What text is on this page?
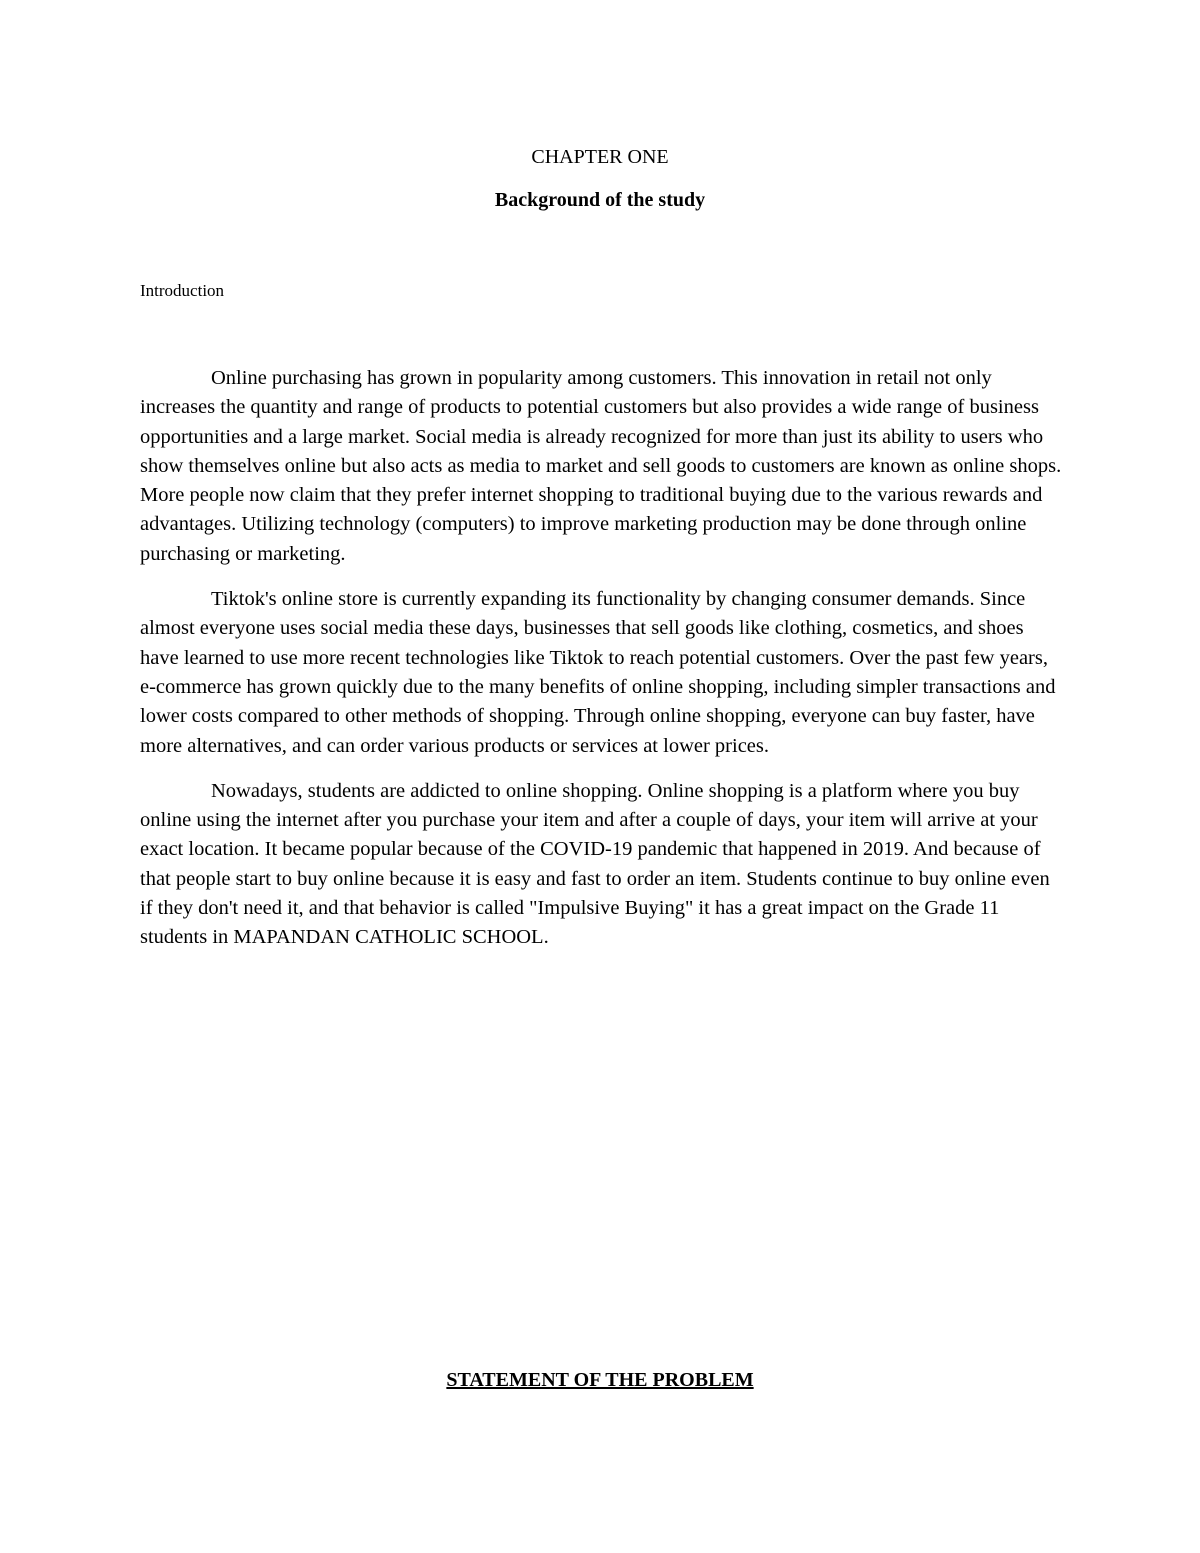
CHAPTER ONE
Background of the study
Introduction

Online purchasing has grown in popularity among customers. This innovation in retail not only increases the quantity and range of products to potential customers but also provides a wide range of business opportunities and a large market. Social media is already recognized for more than just its ability to users who show themselves online but also acts as media to market and sell goods to customers are known as online shops. More people now claim that they prefer internet shopping to traditional buying due to the various rewards and advantages. Utilizing technology (computers) to improve marketing production may be done through online purchasing or marketing.

Tiktok's online store is currently expanding its functionality by changing consumer demands. Since almost everyone uses social media these days, businesses that sell goods like clothing, cosmetics, and shoes have learned to use more recent technologies like Tiktok to reach potential customers. Over the past few years, e-commerce has grown quickly due to the many benefits of online shopping, including simpler transactions and lower costs compared to other methods of shopping. Through online shopping, everyone can buy faster, have more alternatives, and can order various products or services at lower prices.

Nowadays, students are addicted to online shopping. Online shopping is a platform where you buy online using the internet after you purchase your item and after a couple of days, your item will arrive at your exact location. It became popular because of the COVID-19 pandemic that happened in 2019. And because of that people start to buy online because it is easy and fast to order an item. Students continue to buy online even if they don't need it, and that behavior is called "Impulsive Buying" it has a great impact on the Grade 11 students in MAPANDAN CATHOLIC SCHOOL.

STATEMENT OF THE PROBLEM
